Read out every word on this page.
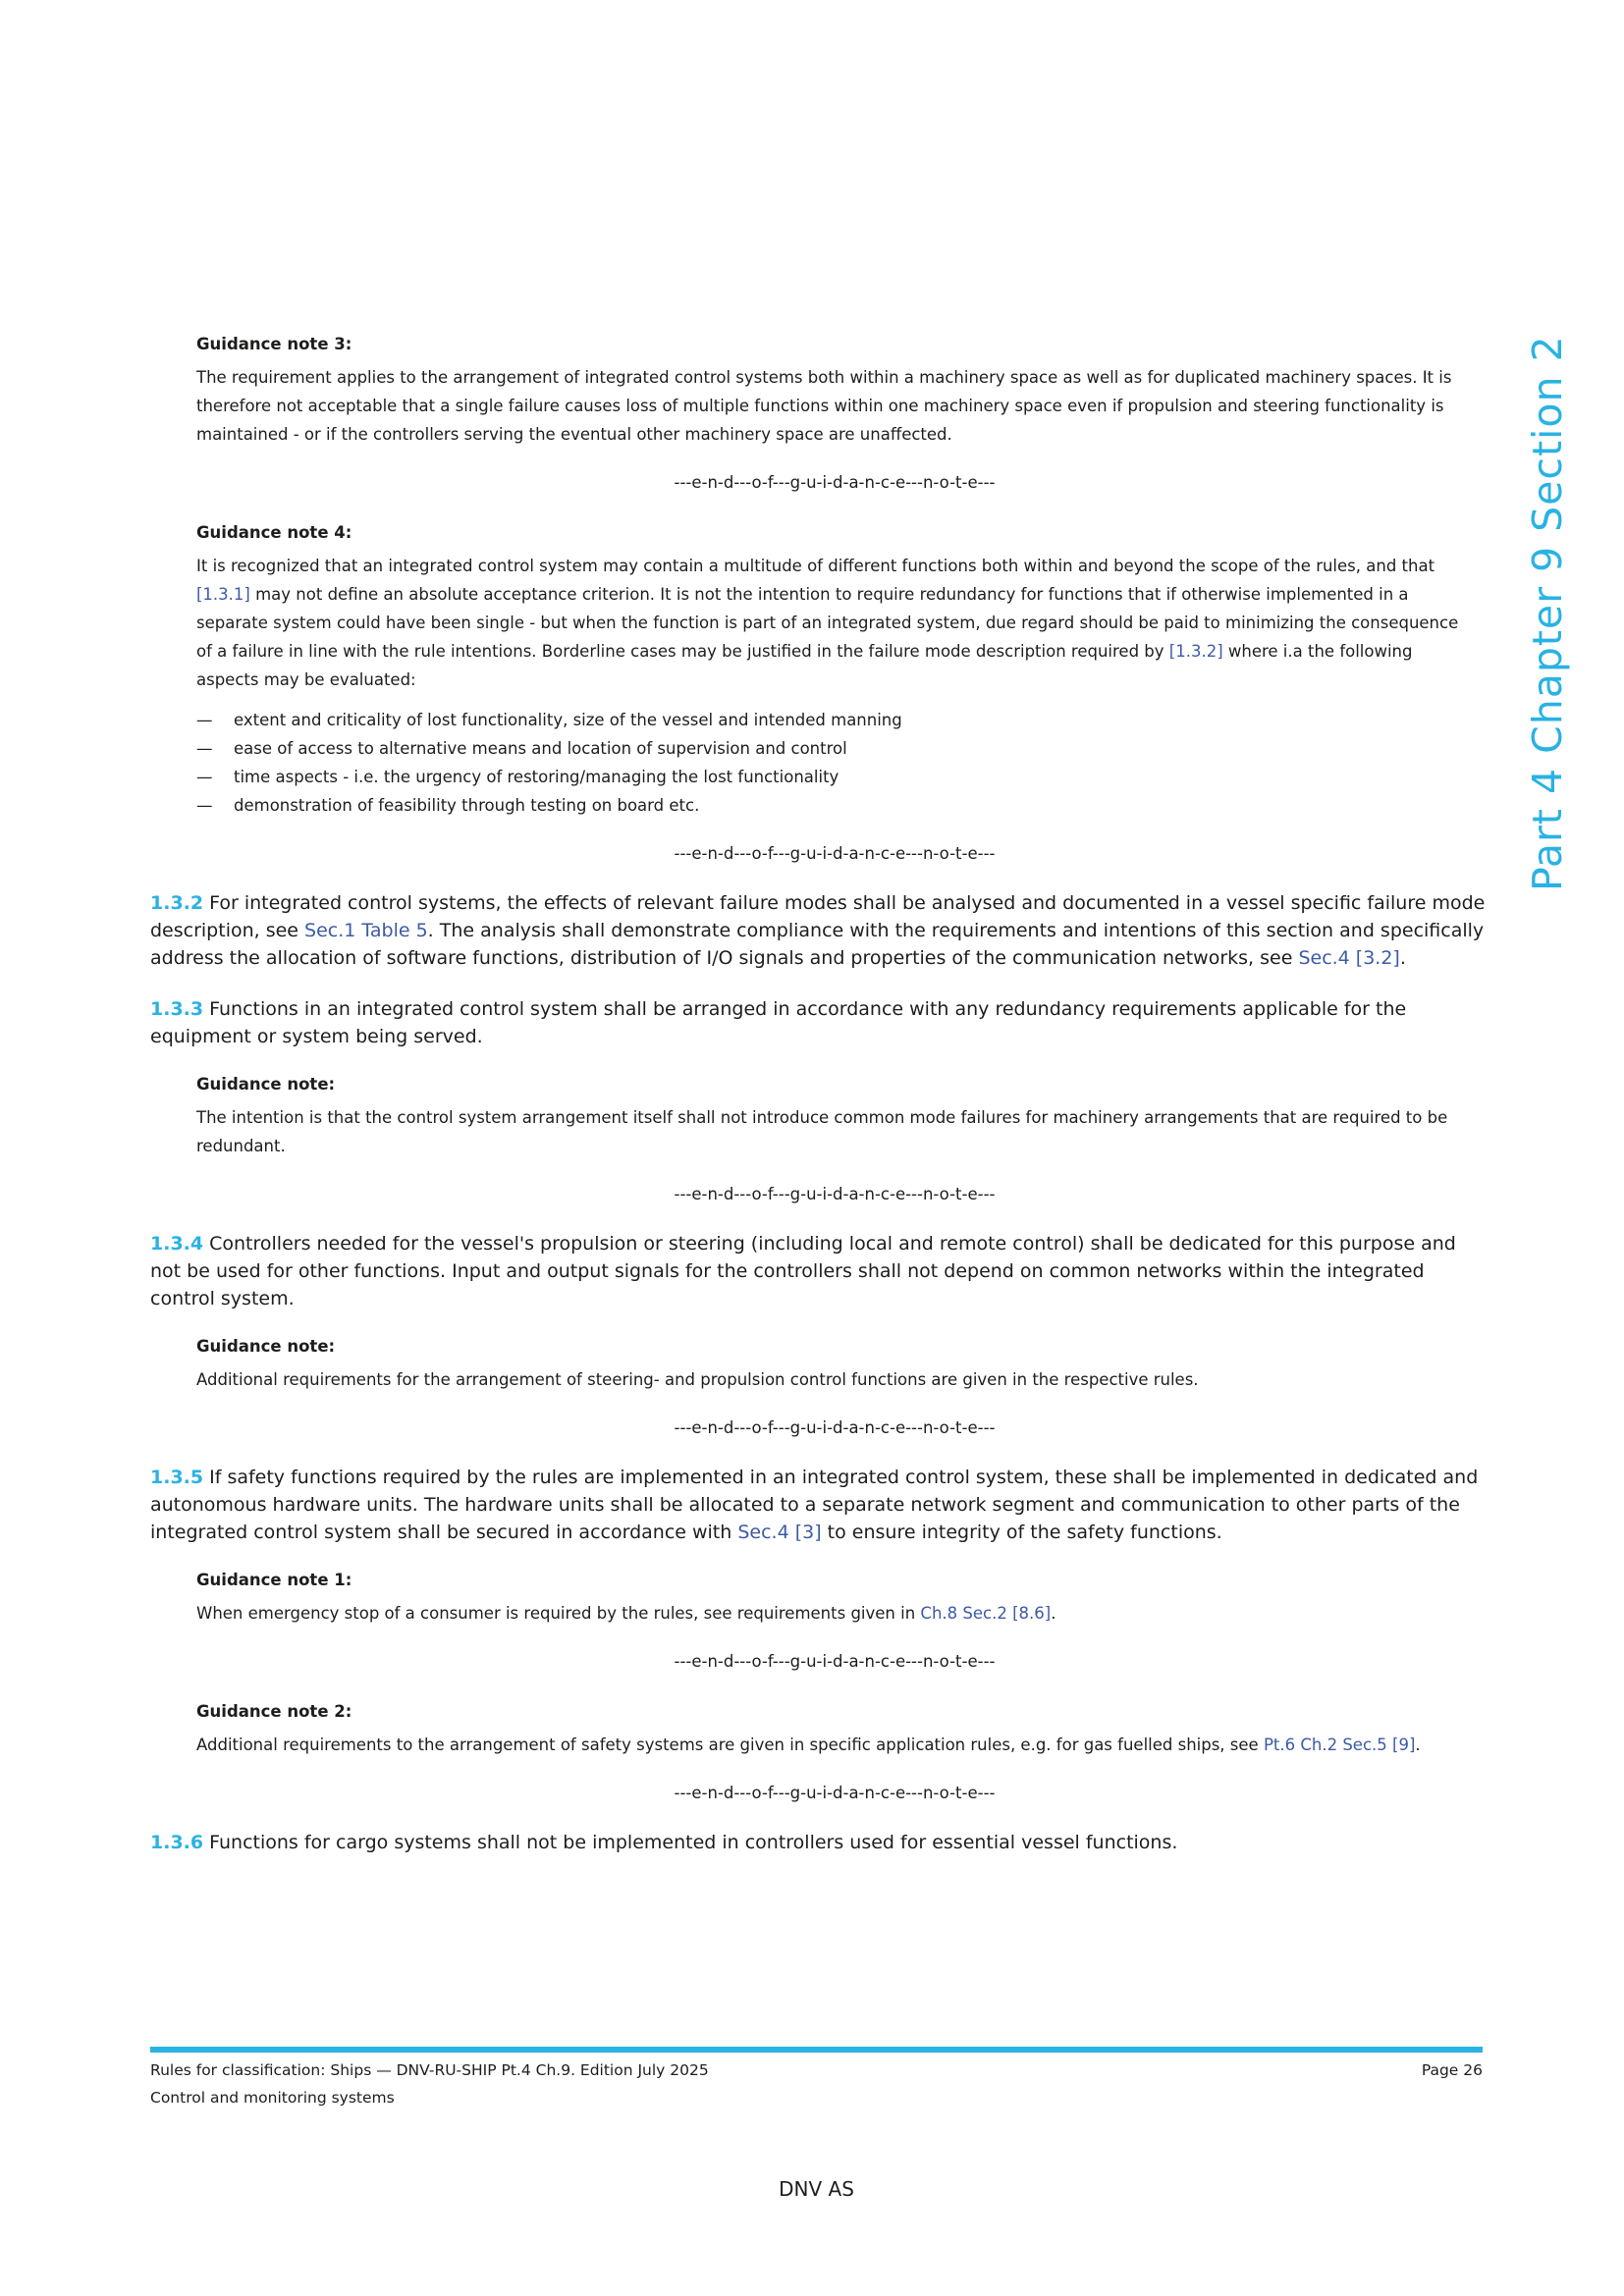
Part 4 Chapter 9 Section 2
Guidance note 3:

The requirement applies to the arrangement of integrated control systems both within a machinery space as well as for duplicated machinery spaces. It is therefore not acceptable that a single failure causes loss of multiple functions within one machinery space even if propulsion and steering functionality is maintained - or if the controllers serving the eventual other machinery space are unaffected.

---e-n-d---o-f---g-u-i-d-a-n-c-e---n-o-t-e---
Guidance note 4:

It is recognized that an integrated control system may contain a multitude of different functions both within and beyond the scope of the rules, and that [1.3.1] may not define an absolute acceptance criterion. It is not the intention to require redundancy for functions that if otherwise implemented in a separate system could have been single - but when the function is part of an integrated system, due regard should be paid to minimizing the consequence of a failure in line with the rule intentions. Borderline cases may be justified in the failure mode description required by [1.3.2] where i.a the following aspects may be evaluated:

—	extent and criticality of lost functionality, size of the vessel and intended manning
—	ease of access to alternative means and location of supervision and control
—	time aspects - i.e. the urgency of restoring/managing the lost functionality
—	demonstration of feasibility through testing on board etc.
---e-n-d---o-f---g-u-i-d-a-n-c-e---n-o-t-e---

1.3.2 For integrated control systems, the effects of relevant failure modes shall be analysed and documented in a vessel specific failure mode description, see Sec.1 Table 5. The analysis shall demonstrate compliance with the requirements and intentions of this section and specifically address the allocation of software functions, distribution of I/O signals and properties of the communication networks, see Sec.4 [3.2].

1.3.3 Functions in an integrated control system shall be arranged in accordance with any redundancy requirements applicable for the equipment or system being served.

Guidance note:

The intention is that the control system arrangement itself shall not introduce common mode failures for machinery arrangements that are required to be redundant.

---e-n-d---o-f---g-u-i-d-a-n-c-e---n-o-t-e---

1.3.4 Controllers needed for the vessel's propulsion or steering (including local and remote control) shall be dedicated for this purpose and not be used for other functions. Input and output signals for the controllers shall not depend on common networks within the integrated control system.

Guidance note:

Additional requirements for the arrangement of steering- and propulsion control functions are given in the respective rules.

---e-n-d---o-f---g-u-i-d-a-n-c-e---n-o-t-e---

1.3.5 If safety functions required by the rules are implemented in an integrated control system, these shall be implemented in dedicated and autonomous hardware units. The hardware units shall be allocated to a separate network segment and communication to other parts of the integrated control system shall be secured in accordance with Sec.4 [3] to ensure integrity of the safety functions.

Guidance note 1:

When emergency stop of a consumer is required by the rules, see requirements given in Ch.8 Sec.2 [8.6].

---e-n-d---o-f---g-u-i-d-a-n-c-e---n-o-t-e---
Guidance note 2:

Additional requirements to the arrangement of safety systems are given in specific application rules, e.g. for gas fuelled ships, see Pt.6 Ch.2 Sec.5 [9].

---e-n-d---o-f---g-u-i-d-a-n-c-e---n-o-t-e---

1.3.6 Functions for cargo systems shall not be implemented in controllers used for essential vessel functions.

Rules for classification: Ships — DNV-RU-SHIP Pt.4 Ch.9. Edition July 2025	Page 26
Control and monitoring systems
DNV AS
